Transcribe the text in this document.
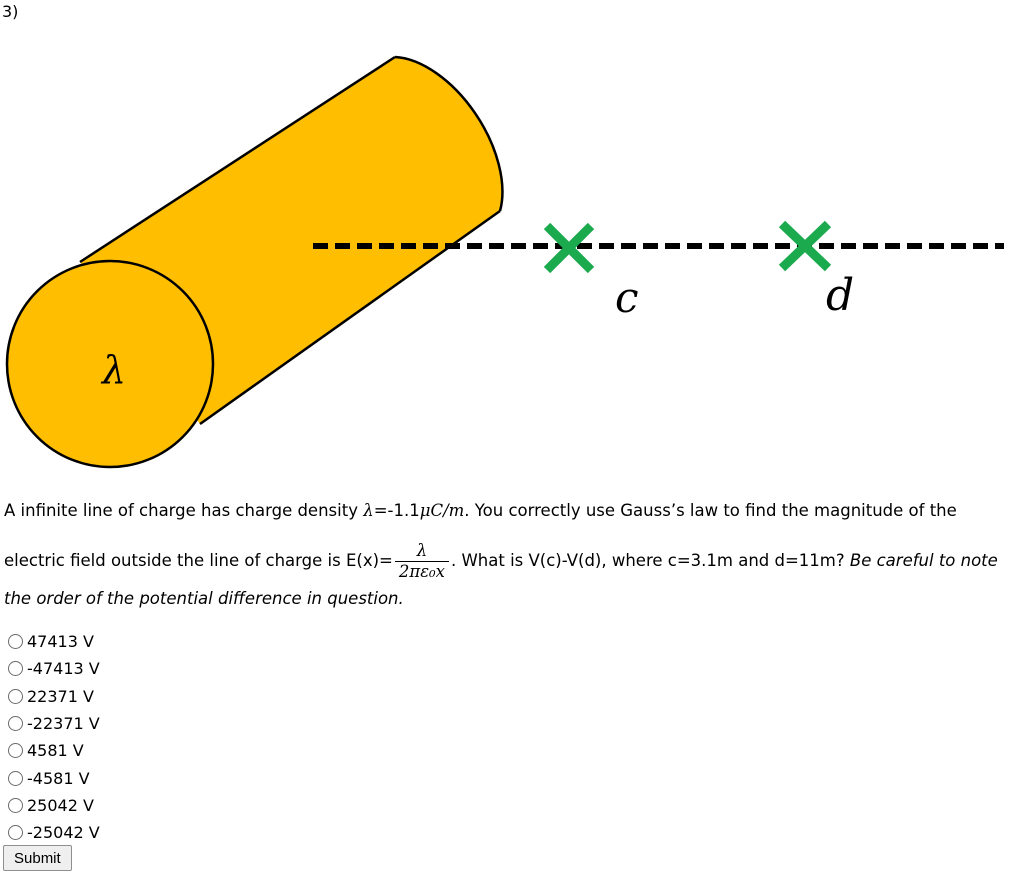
3)
c	d
λ
A infinite line of charge has charge density λ=-1.1μC/m. You correctly use Gauss’s law to find the magnitude of the
electric field outside the line of charge is $E(x)= \frac{\lambda}{\text{2πε₀x}}$ . What is V(c)-V(d), where c=3.1m and d=11m? Be careful to note
the order of the potential difference in question.
47413 V
-47413 V
22371 V
-22371 V
4581 V
-4581 V
25042 V
-25042 V
Submit
